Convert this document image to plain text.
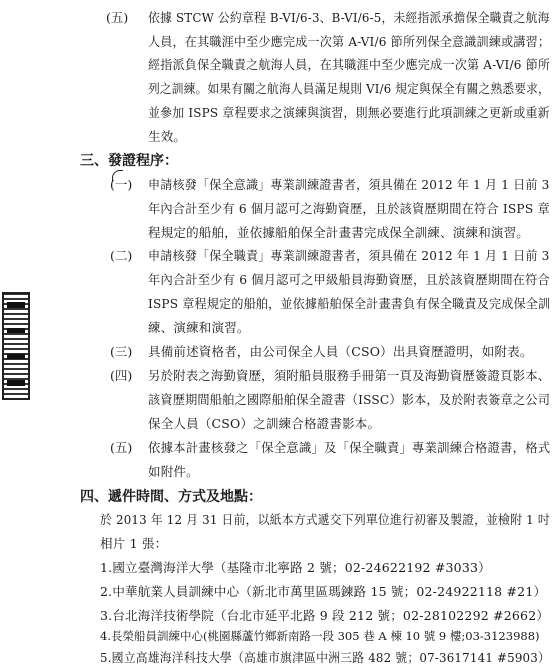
(五) 依據 STCW 公約章程 B-VI/6-3、B-VI/6-5，未經指派承擔保全職責之航海
人員，在其職涯中至少應完成一次第 A-VI/6 節所列保全意識訓練或講習；
經指派負保全職責之航海人員，在其職涯中至少應完成一次第 A-VI/6 節所
列之訓練。如果有關之航海人員滿足規則 VI/6 規定與保全有關之熟悉要求，
並參加 ISPS 章程要求之演練與演習，則無必要進行此項訓練之更新或重新
生效。
三、發證程序：
(一) 申請核發「保全意識」專業訓練證書者，須具備在 2012 年 1 月 1 日前 3
年內合計至少有 6 個月認可之海勤資歷，且於該資歷期間在符合 ISPS 章
程規定的船舶，並依據船舶保全計畫書完成保全訓練、演練和演習。
(二) 申請核發「保全職責」專業訓練證書者，須具備在 2012 年 1 月 1 日前 3
年內合計至少有 6 個月認可之甲級船員海勤資歷，且於該資歷期間在符合
ISPS 章程規定的船舶，並依據船舶保全計畫書負有保全職責及完成保全訓
練、演練和演習。
(三) 具備前述資格者，由公司保全人員（CSO）出具資歷證明，如附表。
(四) 另於附表之海勤資歷，須附船員服務手冊第一頁及海勤資歷簽證頁影本、
該資歷期間船舶之國際船舶保全證書（ISSC）影本，及於附表簽章之公司
保全人員（CSO）之訓練合格證書影本。
(五) 依據本計畫核發之「保全意識」及「保全職責」專業訓練合格證書，格式
如附件。
四、遞件時間、方式及地點：
於 2013 年 12 月 31 日前，以紙本方式遞交下列單位進行初審及製證，並檢附 1 吋
相片 1 張：
1.國立臺灣海洋大學（基隆市北寧路 2 號；02-24622192 #3033）
2.中華航業人員訓練中心（新北市萬里區瑪鍊路 15 號；02-24922118 #21）
3.台北海洋技術學院（台北市延平北路 9 段 212 號；02-28102292 #2662）
4.長榮船員訓練中心(桃園縣蘆竹鄉新南路一段 305 巷 A 棟 10 號 9 樓;03-3123988)
5.國立高雄海洋科技大學（高雄市旗津區中洲三路 482 號；07-3617141 #5903）
